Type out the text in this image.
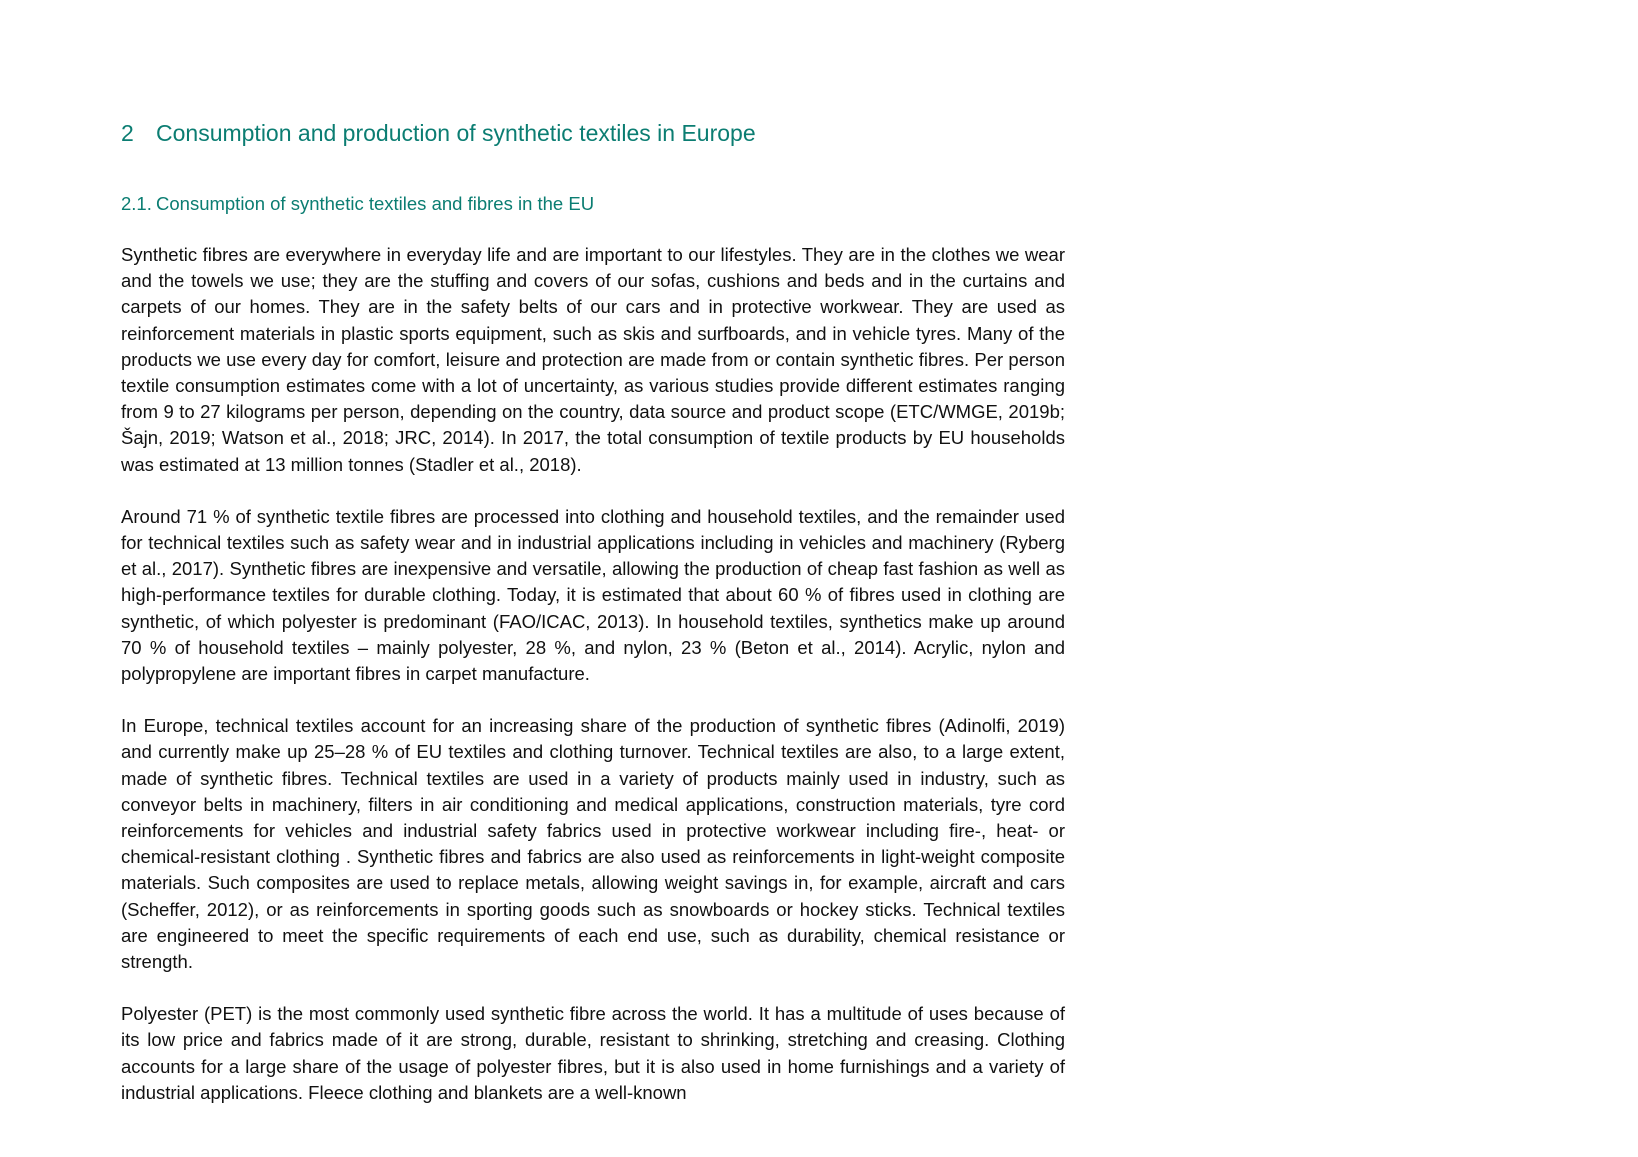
2 Consumption and production of synthetic textiles in Europe
2.1. Consumption of synthetic textiles and fibres in the EU

Synthetic fibres are everywhere in everyday life and are important to our lifestyles. They are in the clothes we wear and the towels we use; they are the stuffing and covers of our sofas, cushions and beds and in the curtains and carpets of our homes. They are in the safety belts of our cars and in protective workwear. They are used as reinforcement materials in plastic sports equipment, such as skis and surfboards, and in vehicle tyres. Many of the products we use every day for comfort, leisure and protection are made from or contain synthetic fibres. Per person textile consumption estimates come with a lot of uncertainty, as various studies provide different estimates ranging from 9 to 27 kilograms per person, depending on the country, data source and product scope (ETC/WMGE, 2019b; Šajn, 2019; Watson et al., 2018; JRC, 2014). In 2017, the total consumption of textile products by EU households was estimated at 13 million tonnes (Stadler et al., 2018).

Around 71 % of synthetic textile fibres are processed into clothing and household textiles, and the remainder used for technical textiles such as safety wear and in industrial applications including in vehicles and machinery (Ryberg et al., 2017). Synthetic fibres are inexpensive and versatile, allowing the production of cheap fast fashion as well as high-performance textiles for durable clothing. Today, it is estimated that about 60 % of fibres used in clothing are synthetic, of which polyester is predominant (FAO/ICAC, 2013). In household textiles, synthetics make up around 70 % of household textiles – mainly polyester, 28 %, and nylon, 23 % (Beton et al., 2014). Acrylic, nylon and polypropylene are important fibres in carpet manufacture.

In Europe, technical textiles account for an increasing share of the production of synthetic fibres (Adinolfi, 2019) and currently make up 25–28 % of EU textiles and clothing turnover. Technical textiles are also, to a large extent, made of synthetic fibres. Technical textiles are used in a variety of products mainly used in industry, such as conveyor belts in machinery, filters in air conditioning and medical applications, construction materials, tyre cord reinforcements for vehicles and industrial safety fabrics used in protective workwear including fire-, heat- or chemical-resistant clothing . Synthetic fibres and fabrics are also used as reinforcements in light-weight composite materials. Such composites are used to replace metals, allowing weight savings in, for example, aircraft and cars (Scheffer, 2012), or as reinforcements in sporting goods such as snowboards or hockey sticks. Technical textiles are engineered to meet the specific requirements of each end use, such as durability, chemical resistance or strength.

Polyester (PET) is the most commonly used synthetic fibre across the world. It has a multitude of uses because of its low price and fabrics made of it are strong, durable, resistant to shrinking, stretching and creasing. Clothing accounts for a large share of the usage of polyester fibres, but it is also used in home furnishings and a variety of industrial applications. Fleece clothing and blankets are a well-known
